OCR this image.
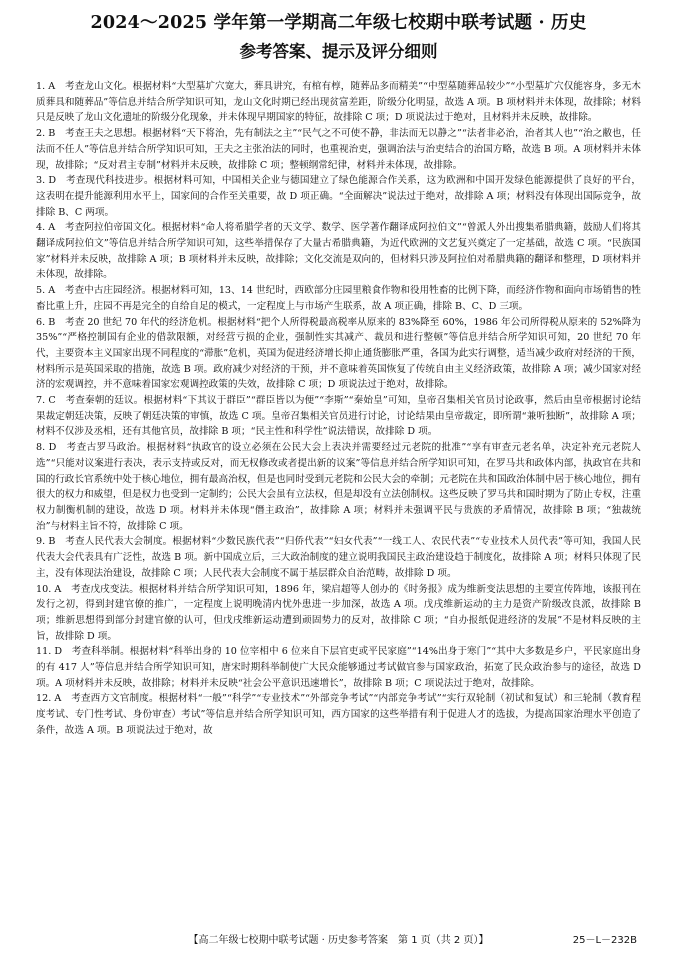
2024～2025 学年第一学期高二年级七校期中联考试题 · 历史
参考答案、提示及评分细则

1. A　考查龙山文化。根据材料“大型墓圹穴宽大，葬具讲究，有棺有椁，随葬品多而精美”“中型墓随葬品较少”“小型墓圹穴仅能容身，多无木质葬具和随葬品”等信息并结合所学知识可知，龙山文化时期已经出现贫富差距，阶级分化明显，故选 A 项。B 项材料并未体现，故排除；材料只是反映了龙山文化遗址的阶级分化现象，并未体现早期国家的特征，故排除 C 项；D 项说法过于绝对，且材料并未反映，故排除。

2. B　考查王夫之思想。根据材料“天下将治，先有制法之主”“民气之不可使不静，非法而无以静之”“法者非必治，治者其人也”“治之敝也，任法而不任人”等信息并结合所学知识可知，王夫之主张治法的同时，也重视治吏，强调治法与治吏结合的治国方略，故选 B 项。A 项材料并未体现，故排除；“反对君主专制”材料并未反映，故排除 C 项；整顿纲常纪律，材料并未体现，故排除。

3. D　考查现代科技进步。根据材料可知，中国相关企业与德国建立了绿色能源合作关系，这为欧洲和中国开发绿色能源提供了良好的平台，这表明在提升能源利用水平上，国家间的合作至关重要，故 D 项正确。“全面解决”说法过于绝对，故排除 A 项；材料没有体现出国际竞争，故排除 B、C 两项。

4. A　考查阿拉伯帝国文化。根据材料“命人将希腊学者的天文学、数学、医学著作翻译成阿拉伯文”“曾派人外出搜集希腊典籍，鼓励人们将其翻译成阿拉伯文”等信息并结合所学知识可知，这些举措保存了大量古希腊典籍，为近代欧洲的文艺复兴奠定了一定基础，故选 C 项。“民族国家”材料并未反映，故排除 A 项；B 项材料并未反映，故排除；文化交流是双向的，但材料只涉及阿拉伯对希腊典籍的翻译和整理，D 项材料并未体现，故排除。

5. A　考查中古庄园经济。根据材料可知，13、14 世纪时，西欧部分庄园里粮食作物和役用牲畜的比例下降，而经济作物和面向市场销售的牲畜比重上升，庄园不再是完全的自给自足的模式，一定程度上与市场产生联系，故 A 项正确，排除 B、C、D 三项。

6. B　考查 20 世纪 70 年代的经济危机。根据材料“把个人所得税最高税率从原来的 83%降至 60%，1986 年公司所得税从原来的 52%降为 35%”“严格控制国有企业的借款限额，对经营亏损的企业，强制性实其减产、裁员和进行整顿”等信息并结合所学知识可知，20 世纪 70 年代，主要资本主义国家出现不同程度的“滞胀”危机，英国为促进经济增长抑止通货膨胀严重，各国为此实行调整，适当减少政府对经济的干预，材料所示是英国采取的措施，故选 B 项。政府减少对经济的干预，并不意味着英国恢复了传统自由主义经济政策，故排除 A 项；减少国家对经济的宏观调控，并不意味着国家宏观调控政策的失效，故排除 C 项；D 项说法过于绝对，故排除。

7. C　考查秦朝的廷议。根据材料“下其议于群臣”“群臣皆以为便”“李斯”“秦始皇”可知，皇帝召集相关官员讨论政事，然后由皇帝根据讨论结果裁定朝廷决策，反映了朝廷决策的审慎，故选 C 项。皇帝召集相关官员进行讨论，讨论结果由皇帝裁定，即所谓“兼听独断”，故排除 A 项；材料不仅涉及丞相，还有其他官员，故排除 B 项；“民主性和科学性”说法错误，故排除 D 项。

8. D　考查古罗马政治。根据材料“执政官的设立必须在公民大会上表决并需要经过元老院的批准”“享有审查元老名单，决定补充元老院人选”“只能对议案进行表决，表示支持或反对，而无权修改或者提出新的议案”等信息并结合所学知识可知，在罗马共和政体内部，执政官在共和国的行政长官系统中处于核心地位，拥有最高治权，但是也同时受到元老院和公民大会的牵制；元老院在共和国政治体制中居于核心地位，拥有很大的权力和威望，但是权力也受到一定制约；公民大会虽有立法权，但是却没有立法创制权。这些反映了罗马共和国时期为了防止专权，注重权力制衡机制的建设，故选 D 项。材料并未体现“僭主政治”，故排除 A 项；材料并未强调平民与贵族的矛盾情况，故排除 B 项；“独裁统治”与材料主旨不符，故排除 C 项。

9. B　考查人民代表大会制度。根据材料“少数民族代表”“归侨代表”“妇女代表”“一线工人、农民代表”“专业技术人员代表”等可知，我国人民代表大会代表具有广泛性，故选 B 项。新中国成立后，三大政治制度的建立说明我国民主政治建设趋于制度化，故排除 A 项；材料只体现了民主，没有体现法治建设，故排除 C 项；人民代表大会制度不属于基层群众自治范畴，故排除 D 项。

10. A　考查戊戌变法。根据材料并结合所学知识可知，1896 年，梁启超等人创办的《时务报》成为维新变法思想的主要宣传阵地，该报刊在发行之初，得到封建官僚的推广，一定程度上说明晚清内忧外患进一步加深，故选 A 项。戊戌维新运动的主力是资产阶级改良派，故排除 B 项；维新思想得到部分封建官僚的认可，但戊戌维新运动遭到顽固势力的反对，故排除 C 项；“自办报纸促进经济的发展”不是材料反映的主旨，故排除 D 项。

11. D　考查科举制。根据材料“科举出身的 10 位宰相中 6 位来自下层官吏或平民家庭”“14%出身于寒门”“其中大多数是乡户，平民家庭出身的有 417 人”等信息并结合所学知识可知，唐宋时期科举制使广大民众能够通过考试做官参与国家政治，拓宽了民众政治参与的途径，故选 D 项。A 项材料并未反映，故排除；材料并未反映“社会公平意识迅速增长”，故排除 B 项；C 项说法过于绝对，故排除。

12. A　考查西方文官制度。根据材料“一般”“科学”“专业技术”“外部竞争考试”“内部竞争考试”“实行双轮制（初试和复试）和三轮制（教育程度考试、专门性考试、身份审查）考试”等信息并结合所学知识可知，西方国家的这些举措有利于促进人才的选拔，为提高国家治理水平创造了条件，故选 A 项。B 项说法过于绝对，故

【高二年级七校期中联考试题 · 历史参考答案　第 1 页（共 2 页）】	25－L－232B
